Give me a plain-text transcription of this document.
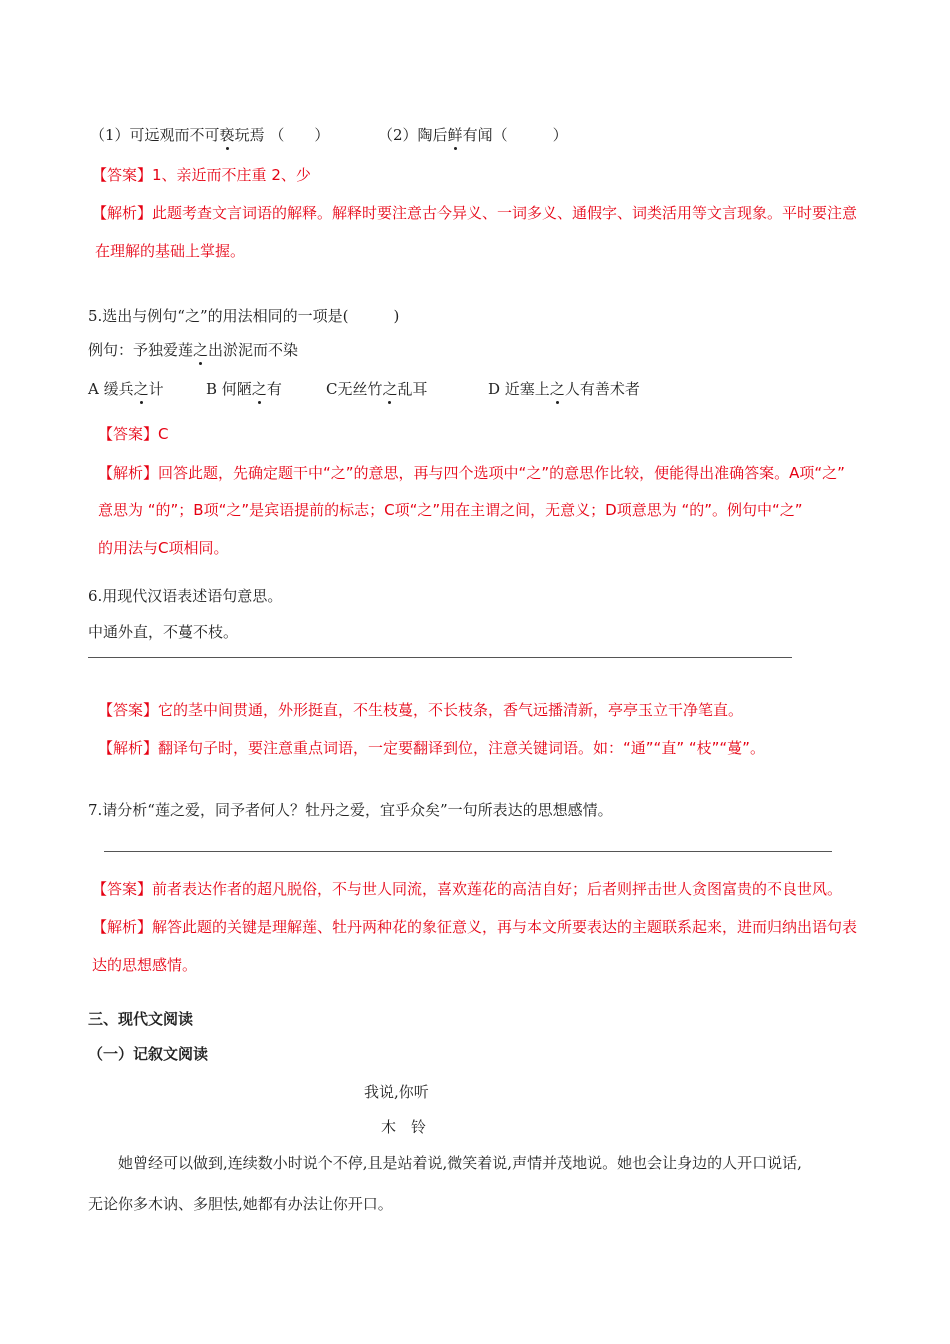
（1）可远观而不可亵玩焉 （　　）	（2）陶后鲜有闻（　　　）
【答案】1、亲近而不庄重 2、少
【解析】此题考查文言词语的解释。解释时要注意古今异义、一词多义、通假字、词类活用等文言现象。平时要注意
在理解的基础上掌握。
5.选出与例句“之”的用法相同的一项是(　　　)
例句：予独爱莲之出淤泥而不染
A 缓兵之计	B 何陋之有	C无丝竹之乱耳	D 近塞上之人有善术者
【答案】C
【解析】回答此题，先确定题干中“之”的意思，再与四个选项中“之”的意思作比较，便能得出准确答案。A项“之”
意思为 “的”；B项“之”是宾语提前的标志；C项“之”用在主谓之间，无意义；D项意思为 “的”。例句中“之”
的用法与C项相同。
6.用现代汉语表述语句意思。
中通外直，不蔓不枝。
【答案】它的茎中间贯通，外形挺直，不生枝蔓，不长枝条，香气远播清新，亭亭玉立干净笔直。
【解析】翻译句子时，要注意重点词语，一定要翻译到位，注意关键词语。如：“通”“直” “枝”“蔓”。
7.请分析“莲之爱，同予者何人？牡丹之爱，宜乎众矣”一句所表达的思想感情。
【答案】前者表达作者的超凡脱俗，不与世人同流，喜欢莲花的高洁自好；后者则抨击世人贪图富贵的不良世风。
【解析】解答此题的关键是理解莲、牡丹两种花的象征意义，再与本文所要表达的主题联系起来，进而归纳出语句表
达的思想感情。
三、现代文阅读
（一）记叙文阅读
我说,你听
木　铃
　　她曾经可以做到,连续数小时说个不停,且是站着说,微笑着说,声情并茂地说。她也会让身边的人开口说话,
无论你多木讷、多胆怯,她都有办法让你开口。
